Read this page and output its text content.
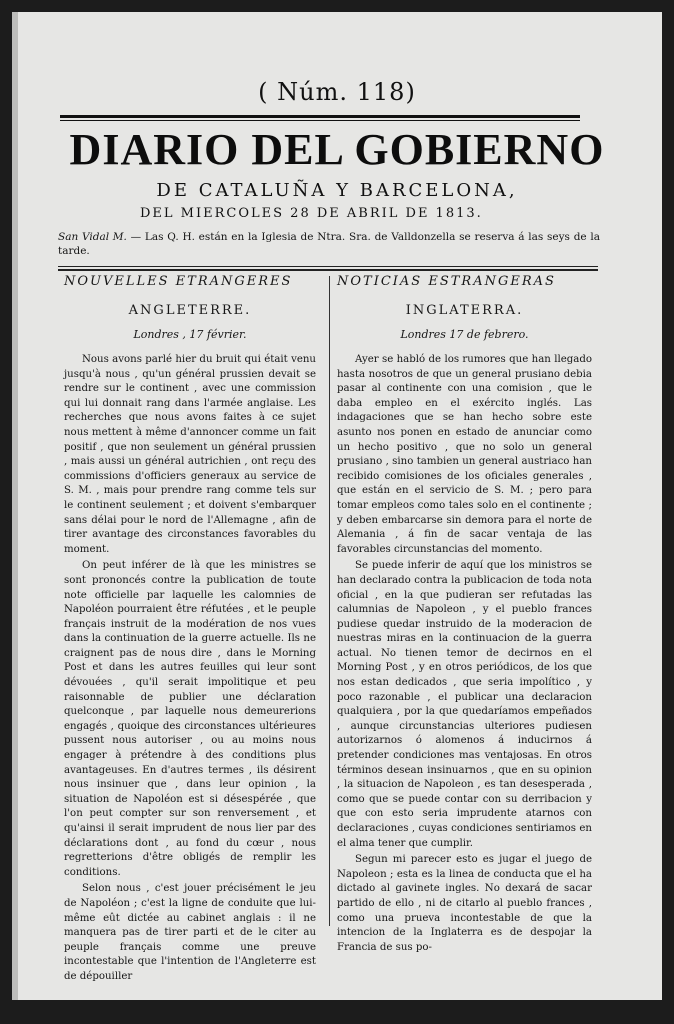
( Núm. 118)
DIARIO DEL GOBIERNO
DE CATALUÑA Y BARCELONA,
DEL MIERCOLES 28 DE ABRIL DE 1813.
San Vidal M. — Las Q. H. están en la Iglesia de Ntra. Sra. de Valldonzella se reserva á las seys de la tarde.
NOUVELLES ETRANGERES
ANGLETERRE.
Londres , 17 février.

Nous avons parlé hier du bruit qui était venu jusqu'à nous , qu'un général prussien devait se rendre sur le continent , avec une commission qui lui donnait rang dans l'armée anglaise. Les recherches que nous avons faites à ce sujet nous mettent à même d'annoncer comme un fait positif , que non seulement un général prussien , mais aussi un général autrichien , ont reçu des commissions d'officiers generaux au service de S. M. , mais pour prendre rang comme tels sur le continent seulement ; et doivent s'embarquer sans délai pour le nord de l'Allemagne , afin de tirer avantage des circonstances favorables du moment.

On peut inférer de là que les ministres se sont prononcés contre la publication de toute note officielle par laquelle les calomnies de Napoléon pourraient être réfutées , et le peuple français instruit de la modération de nos vues dans la continuation de la guerre actuelle. Ils ne craignent pas de nous dire , dans le Morning Post et dans les autres feuilles qui leur sont dévouées , qu'il serait impolitique et peu raisonnable de publier une déclaration quelconque , par laquelle nous demeurerions engagés , quoique des circonstances ultérieures pussent nous autoriser , ou au moins nous engager à prétendre à des conditions plus avantageuses. En d'autres termes , ils désirent nous insinuer que , dans leur opinion , la situation de Napoléon est si désespérée , que l'on peut compter sur son renversement , et qu'ainsi il serait imprudent de nous lier par des déclarations dont , au fond du cœur , nous regretterions d'être obligés de remplir les conditions.

Selon nous , c'est jouer précisément le jeu de Napoléon ; c'est la ligne de conduite que lui-même eût dictée au cabinet anglais : il ne manquera pas de tirer parti et de le citer au peuple français comme une preuve incontestable que l'intention de l'Angleterre est de dépouiller

NOTICIAS ESTRANGERAS
INGLATERRA.
Londres 17 de febrero.

Ayer se habló de los rumores que han llegado hasta nosotros de que un general prusiano debia pasar al continente con una comision , que le daba empleo en el exército inglés. Las indagaciones que se han hecho sobre este asunto nos ponen en estado de anunciar como un hecho positivo , que no solo un general prusiano , sino tambien un general austriaco han recibido comisiones de los oficiales generales , que están en el servicio de S. M. ; pero para tomar empleos como tales solo en el continente ; y deben embarcarse sin demora para el norte de Alemania , á fin de sacar ventaja de las favorables circunstancias del momento.

Se puede inferir de aquí que los ministros se han declarado contra la publicacion de toda nota oficial , en la que pudieran ser refutadas las calumnias de Napoleon , y el pueblo frances pudiese quedar instruido de la moderacion de nuestras miras en la continuacion de la guerra actual. No tienen temor de decirnos en el Morning Post , y en otros periódicos, de los que nos estan dedicados , que seria impolítico , y poco razonable , el publicar una declaracion qualquiera , por la que quedaríamos empeñados , aunque circunstancias ulteriores pudiesen autorizarnos ó alomenos á inducirnos á pretender condiciones mas ventajosas. En otros términos desean insinuarnos , que en su opinion , la situacion de Napoleon , es tan desesperada , como que se puede contar con su derribacion y que con esto seria imprudente atarnos con declaraciones , cuyas condiciones sentiriamos en el alma tener que cumplir.

Segun mi parecer esto es jugar el juego de Napoleon ; esta es la linea de conducta que el ha dictado al gavinete ingles. No dexará de sacar partido de ello , ni de citarlo al pueblo frances , como una prueva incontestable de que la intencion de la Inglaterra es de despojar la Francia de sus po-
